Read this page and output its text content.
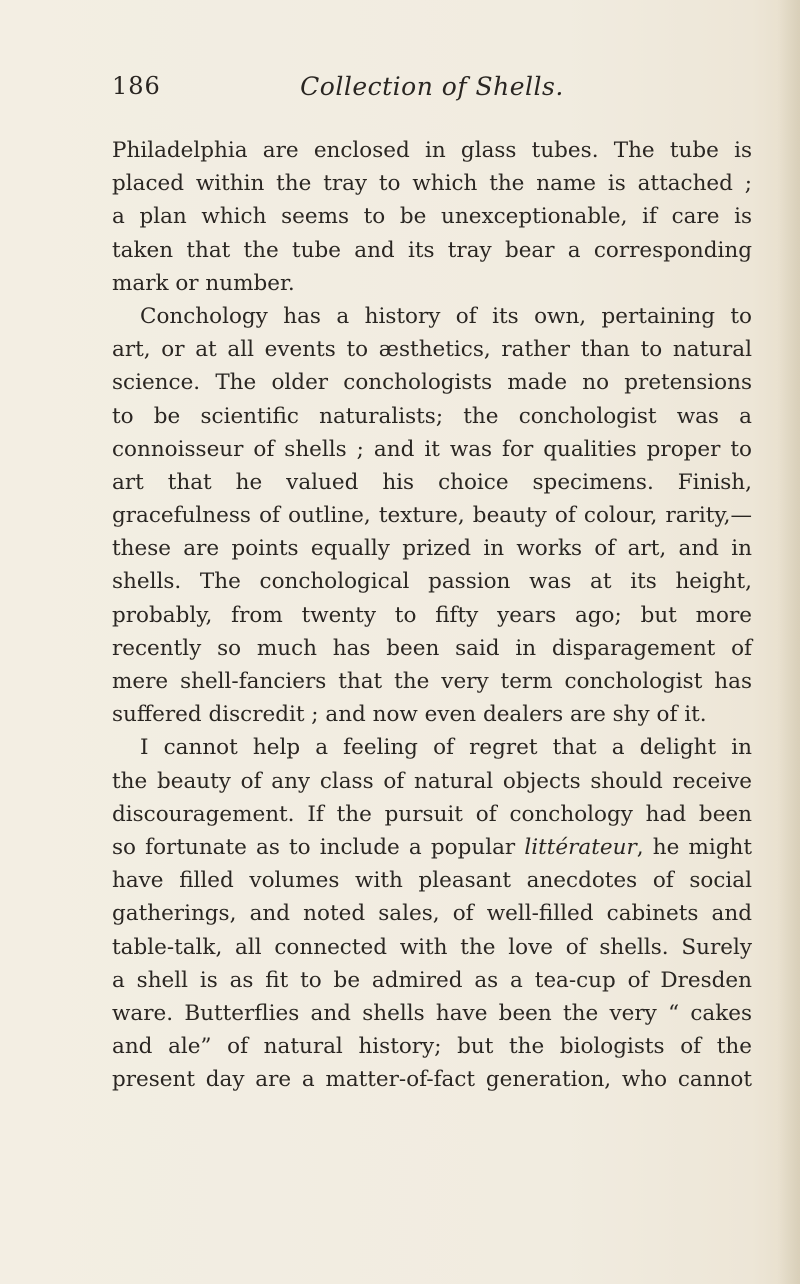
186	Collection of Shells.
Philadelphia are enclosed in glass tubes. The tube is
placed within the tray to which the name is attached ;
a plan which seems to be unexceptionable, if care is
taken that the tube and its tray bear a corresponding
mark or number.
Conchology has a history of its own, pertaining to
art, or at all events to æsthetics, rather than to natural
science. The older conchologists made no pretensions
to be scientific naturalists; the conchologist was a
connoisseur of shells ; and it was for qualities proper to
art that he valued his choice specimens. Finish,
gracefulness of outline, texture, beauty of colour, rarity,—
these are points equally prized in works of art, and in
shells. The conchological passion was at its height,
probably, from twenty to fifty years ago; but more
recently so much has been said in disparagement of
mere shell-fanciers that the very term conchologist has
suffered discredit ; and now even dealers are shy of it.
I cannot help a feeling of regret that a delight in
the beauty of any class of natural objects should receive
discouragement. If the pursuit of conchology had been
so fortunate as to include a popular littérateur, he might
have filled volumes with pleasant anecdotes of social
gatherings, and noted sales, of well-filled cabinets and
table-talk, all connected with the love of shells. Surely
a shell is as fit to be admired as a tea-cup of Dresden
ware. Butterflies and shells have been the very “ cakes
and ale” of natural history; but the biologists of the
present day are a matter-of-fact generation, who cannot
